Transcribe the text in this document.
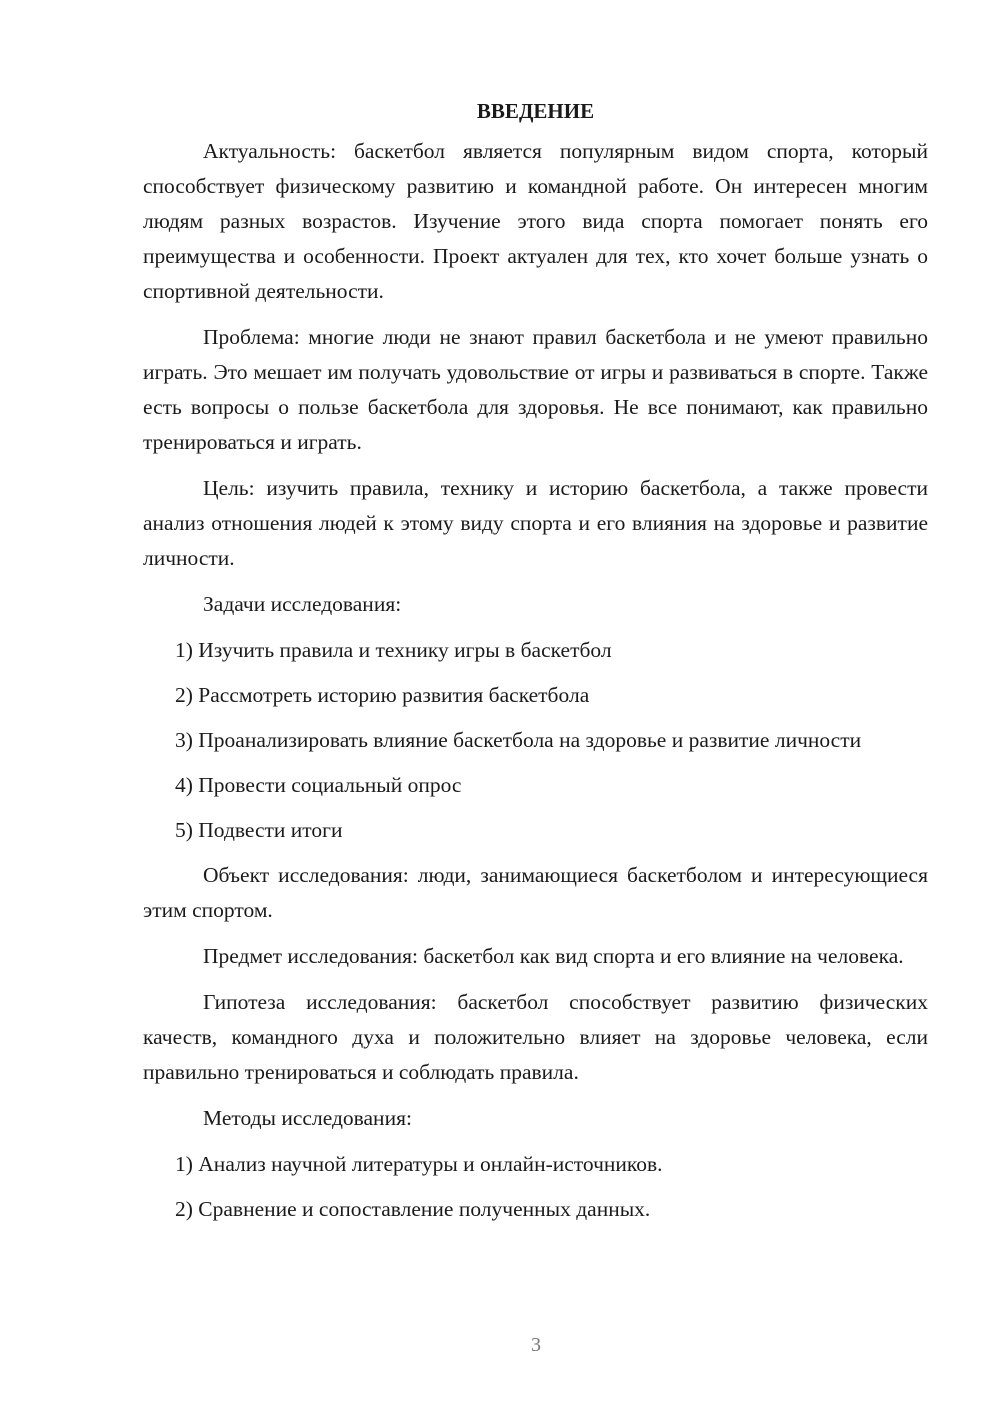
ВВЕДЕНИЕ

Актуальность: баскетбол является популярным видом спорта, который способствует физическому развитию и командной работе. Он интересен многим людям разных возрастов. Изучение этого вида спорта помогает понять его преимущества и особенности. Проект актуален для тех, кто хочет больше узнать о спортивной деятельности.

Проблема: многие люди не знают правил баскетбола и не умеют правильно играть. Это мешает им получать удовольствие от игры и развиваться в спорте. Также есть вопросы о пользе баскетбола для здоровья. Не все понимают, как правильно тренироваться и играть.

Цель: изучить правила, технику и историю баскетбола, а также провести анализ отношения людей к этому виду спорта и его влияния на здоровье и развитие личности.

Задачи исследования:

1) Изучить правила и технику игры в баскетбол

2) Рассмотреть историю развития баскетбола

3) Проанализировать влияние баскетбола на здоровье и развитие личности

4) Провести социальный опрос

5) Подвести итоги

Объект исследования: люди, занимающиеся баскетболом и интересующиеся этим спортом.

Предмет исследования: баскетбол как вид спорта и его влияние на человека.

Гипотеза исследования: баскетбол способствует развитию физических качеств, командного духа и положительно влияет на здоровье человека, если правильно тренироваться и соблюдать правила.

Методы исследования:

1) Анализ научной литературы и онлайн-источников.

2) Сравнение и сопоставление полученных данных.

3
